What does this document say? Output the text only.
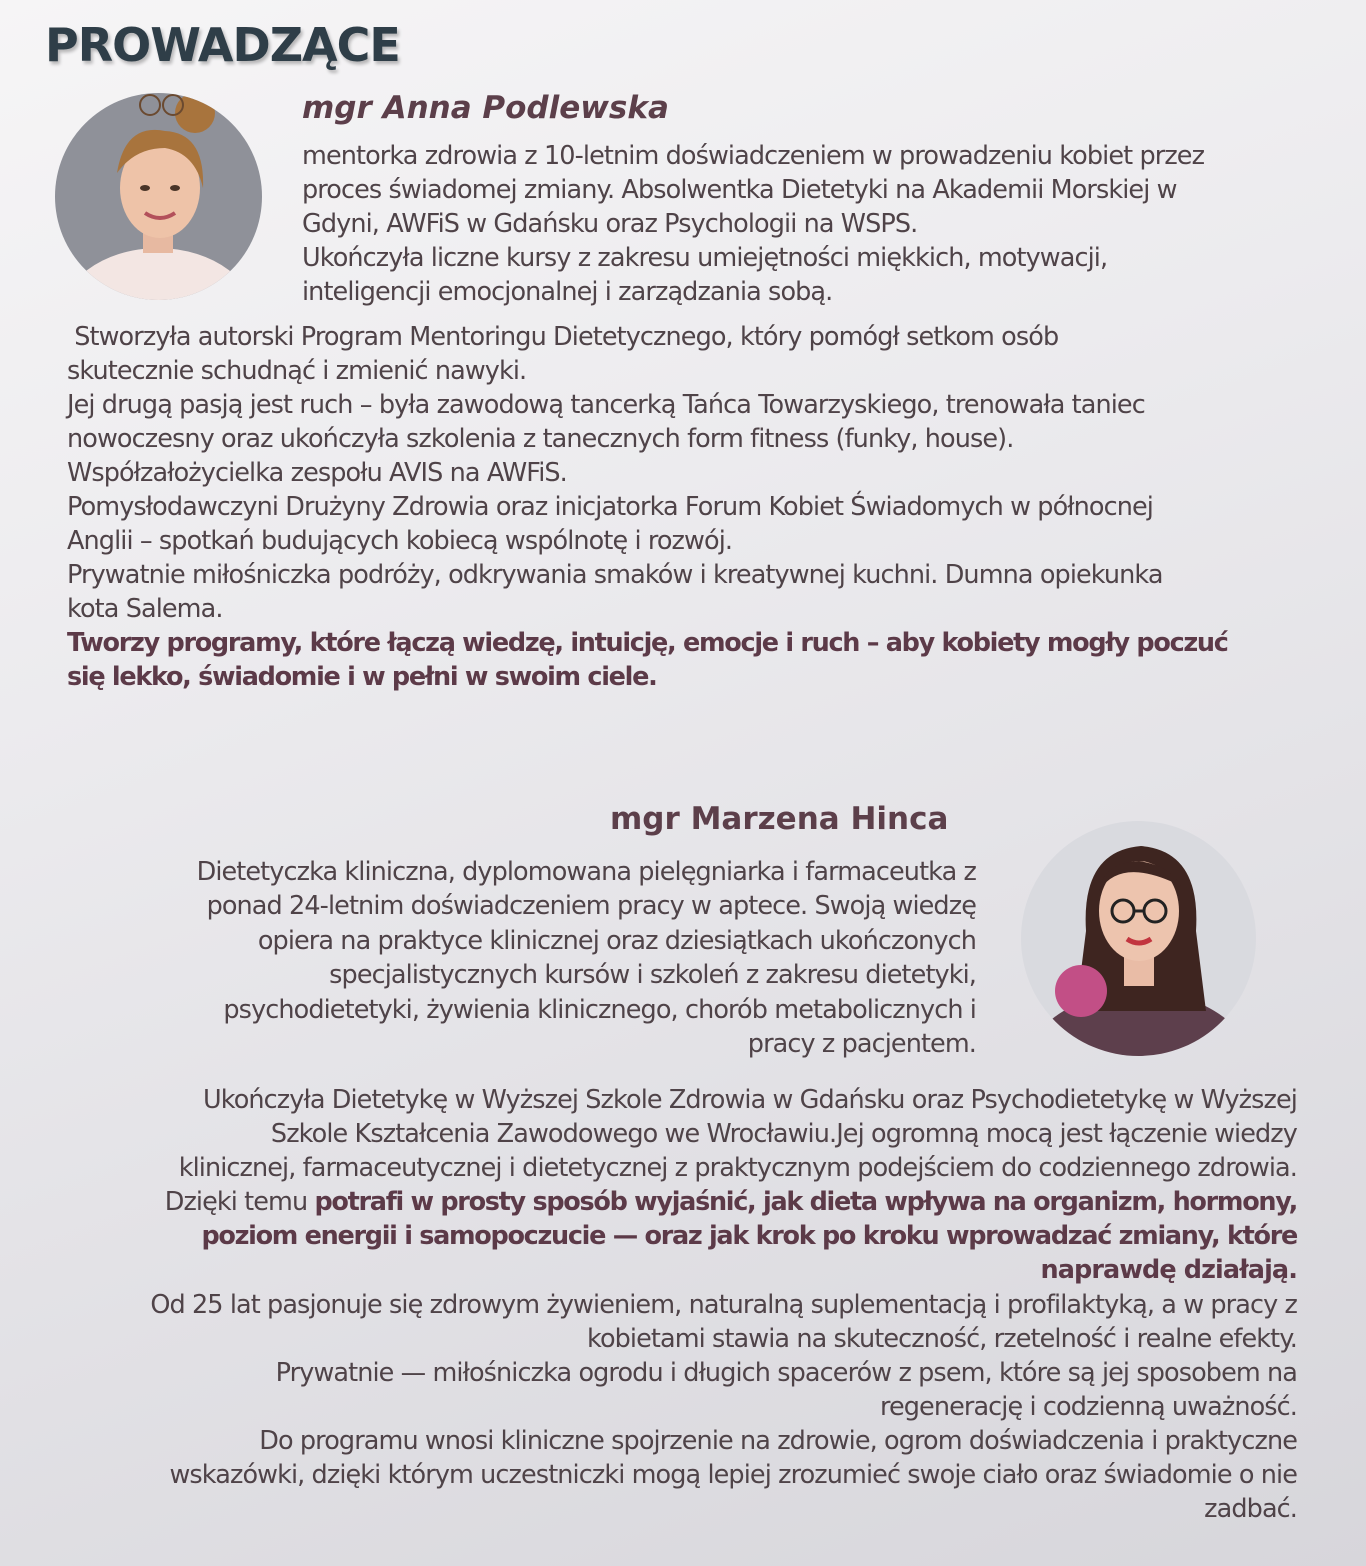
PROWADZĄCE
mgr Anna Podlewska

mentorka zdrowia z 10-letnim doświadczeniem w prowadzeniu kobiet przez

proces świadomej zmiany. Absolwentka Dietetyki na Akademii Morskiej w

Gdyni, AWFiS w Gdańsku oraz Psychologii na WSPS.

Ukończyła liczne kursy z zakresu umiejętności miękkich, motywacji,

inteligencji emocjonalnej i zarządzania sobą.

Stworzyła autorski Program Mentoringu Dietetycznego, który pomógł setkom osób

skutecznie schudnąć i zmienić nawyki.

Jej drugą pasją jest ruch – była zawodową tancerką Tańca Towarzyskiego, trenowała taniec

nowoczesny oraz ukończyła szkolenia z tanecznych form fitness (funky, house).

Współzałożycielka zespołu AVIS na AWFiS.

Pomysłodawczyni Drużyny Zdrowia oraz inicjatorka Forum Kobiet Świadomych w północnej

Anglii – spotkań budujących kobiecą wspólnotę i rozwój.

Prywatnie miłośniczka podróży, odkrywania smaków i kreatywnej kuchni. Dumna opiekunka

kota Salema.

Tworzy programy, które łączą wiedzę, intuicję, emocje i ruch – aby kobiety mogły poczuć

się lekko, świadomie i w pełni w swoim ciele.

mgr Marzena Hinca

Dietetyczka kliniczna, dyplomowana pielęgniarka i farmaceutka z

ponad 24-letnim doświadczeniem pracy w aptece. Swoją wiedzę

opiera na praktyce klinicznej oraz dziesiątkach ukończonych

specjalistycznych kursów i szkoleń z zakresu dietetyki,

psychodietetyki, żywienia klinicznego, chorób metabolicznych i

pracy z pacjentem.

Ukończyła Dietetykę w Wyższej Szkole Zdrowia w Gdańsku oraz Psychodietetykę w Wyższej

Szkole Kształcenia Zawodowego we Wrocławiu.Jej ogromną mocą jest łączenie wiedzy

klinicznej, farmaceutycznej i dietetycznej z praktycznym podejściem do codziennego zdrowia.

Dzięki temu potrafi w prosty sposób wyjaśnić, jak dieta wpływa na organizm, hormony,

poziom energii i samopoczucie — oraz jak krok po kroku wprowadzać zmiany, które

naprawdę działają.

Od 25 lat pasjonuje się zdrowym żywieniem, naturalną suplementacją i profilaktyką, a w pracy z

kobietami stawia na skuteczność, rzetelność i realne efekty.

Prywatnie — miłośniczka ogrodu i długich spacerów z psem, które są jej sposobem na

regenerację i codzienną uważność.

Do programu wnosi kliniczne spojrzenie na zdrowie, ogrom doświadczenia i praktyczne

wskazówki, dzięki którym uczestniczki mogą lepiej zrozumieć swoje ciało oraz świadomie o nie

zadbać.
